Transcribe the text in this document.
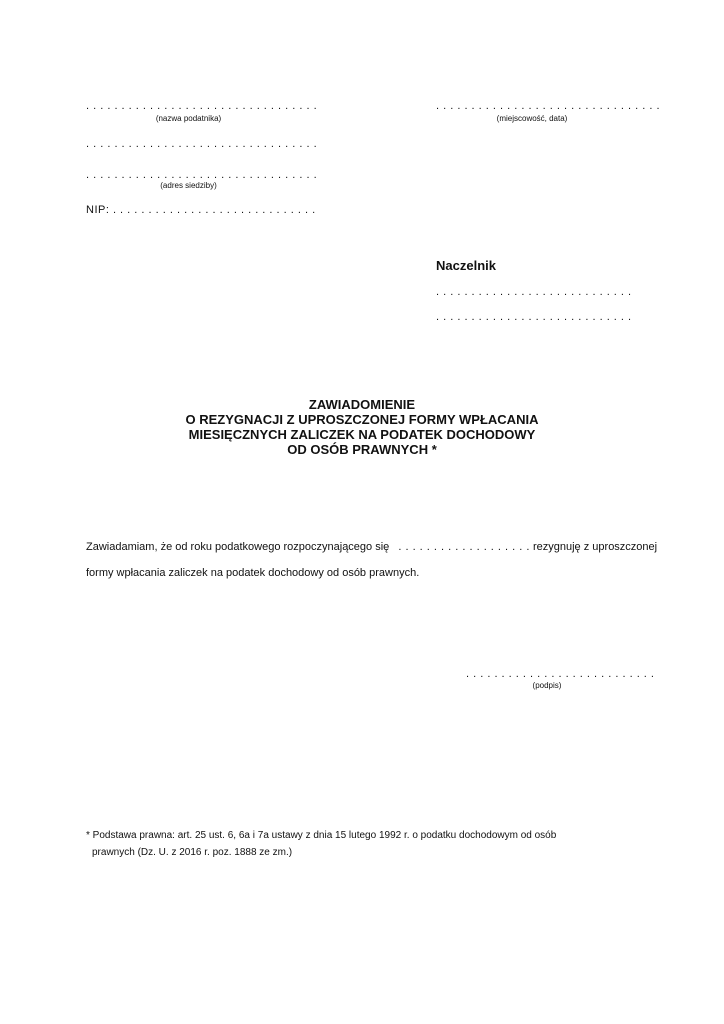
. . . . . . . . . . . . . . . . . . . . . . . . . . . . . . . . .
(nazwa podatnika)
. . . . . . . . . . . . . . . . . . . . . . . . . . . . . . . . .
. . . . . . . . . . . . . . . . . . . . . . . . . . . . . . . . .
(adres siedziby)
NIP: . . . . . . . . . . . . . . . . . . . . . . . . . . . . .
. . . . . . . . . . . . . . . . . . . . . . . . . . . . . . . .
(miejscowość, data)
Naczelnik
. . . . . . . . . . . . . . . . . . . . . . . . . . . .
. . . . . . . . . . . . . . . . . . . . . . . . . . . .
ZAWIADOMIENIE
O REZYGNACJI Z UPROSZCZONEJ FORMY WPŁACANIA
MIESIĘCZNYCH ZALICZEK NA PODATEK DOCHODOWY
OD OSÓB PRAWNYCH *
Zawiadamiam, że od roku podatkowego rozpoczynającego się . . . . . . . . . . . . . . . . . . . rezygnuję z uproszczonej
formy wpłacania zaliczek na podatek dochodowy od osób prawnych.
. . . . . . . . . . . . . . . . . . . . . . . . . . .
(podpis)
* Podstawa prawna: art. 25 ust. 6, 6a i 7a ustawy z dnia 15 lutego 1992 r. o podatku dochodowym od osób
prawnych (Dz. U. z 2016 r. poz. 1888 ze zm.)
